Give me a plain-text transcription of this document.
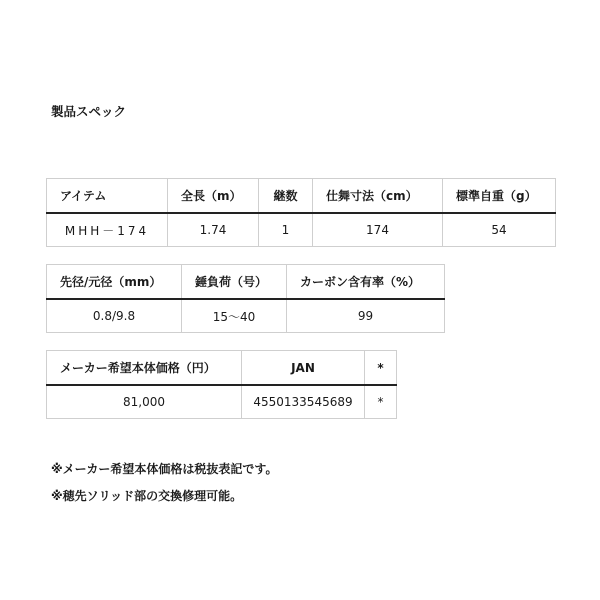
製品スペック
アイテム	全長（m）	継数	仕舞寸法（cm）	標準自重（g）
MHH－174	1.74	1	174	54
先径/元径（mm）	錘負荷（号）	カーボン含有率（%）
0.8/9.8	15～40	99
メーカー希望本体価格（円）	JAN	*
81,000	4550133545689	*
※メーカー希望本体価格は税抜表記です。
※穂先ソリッド部の交換修理可能。
